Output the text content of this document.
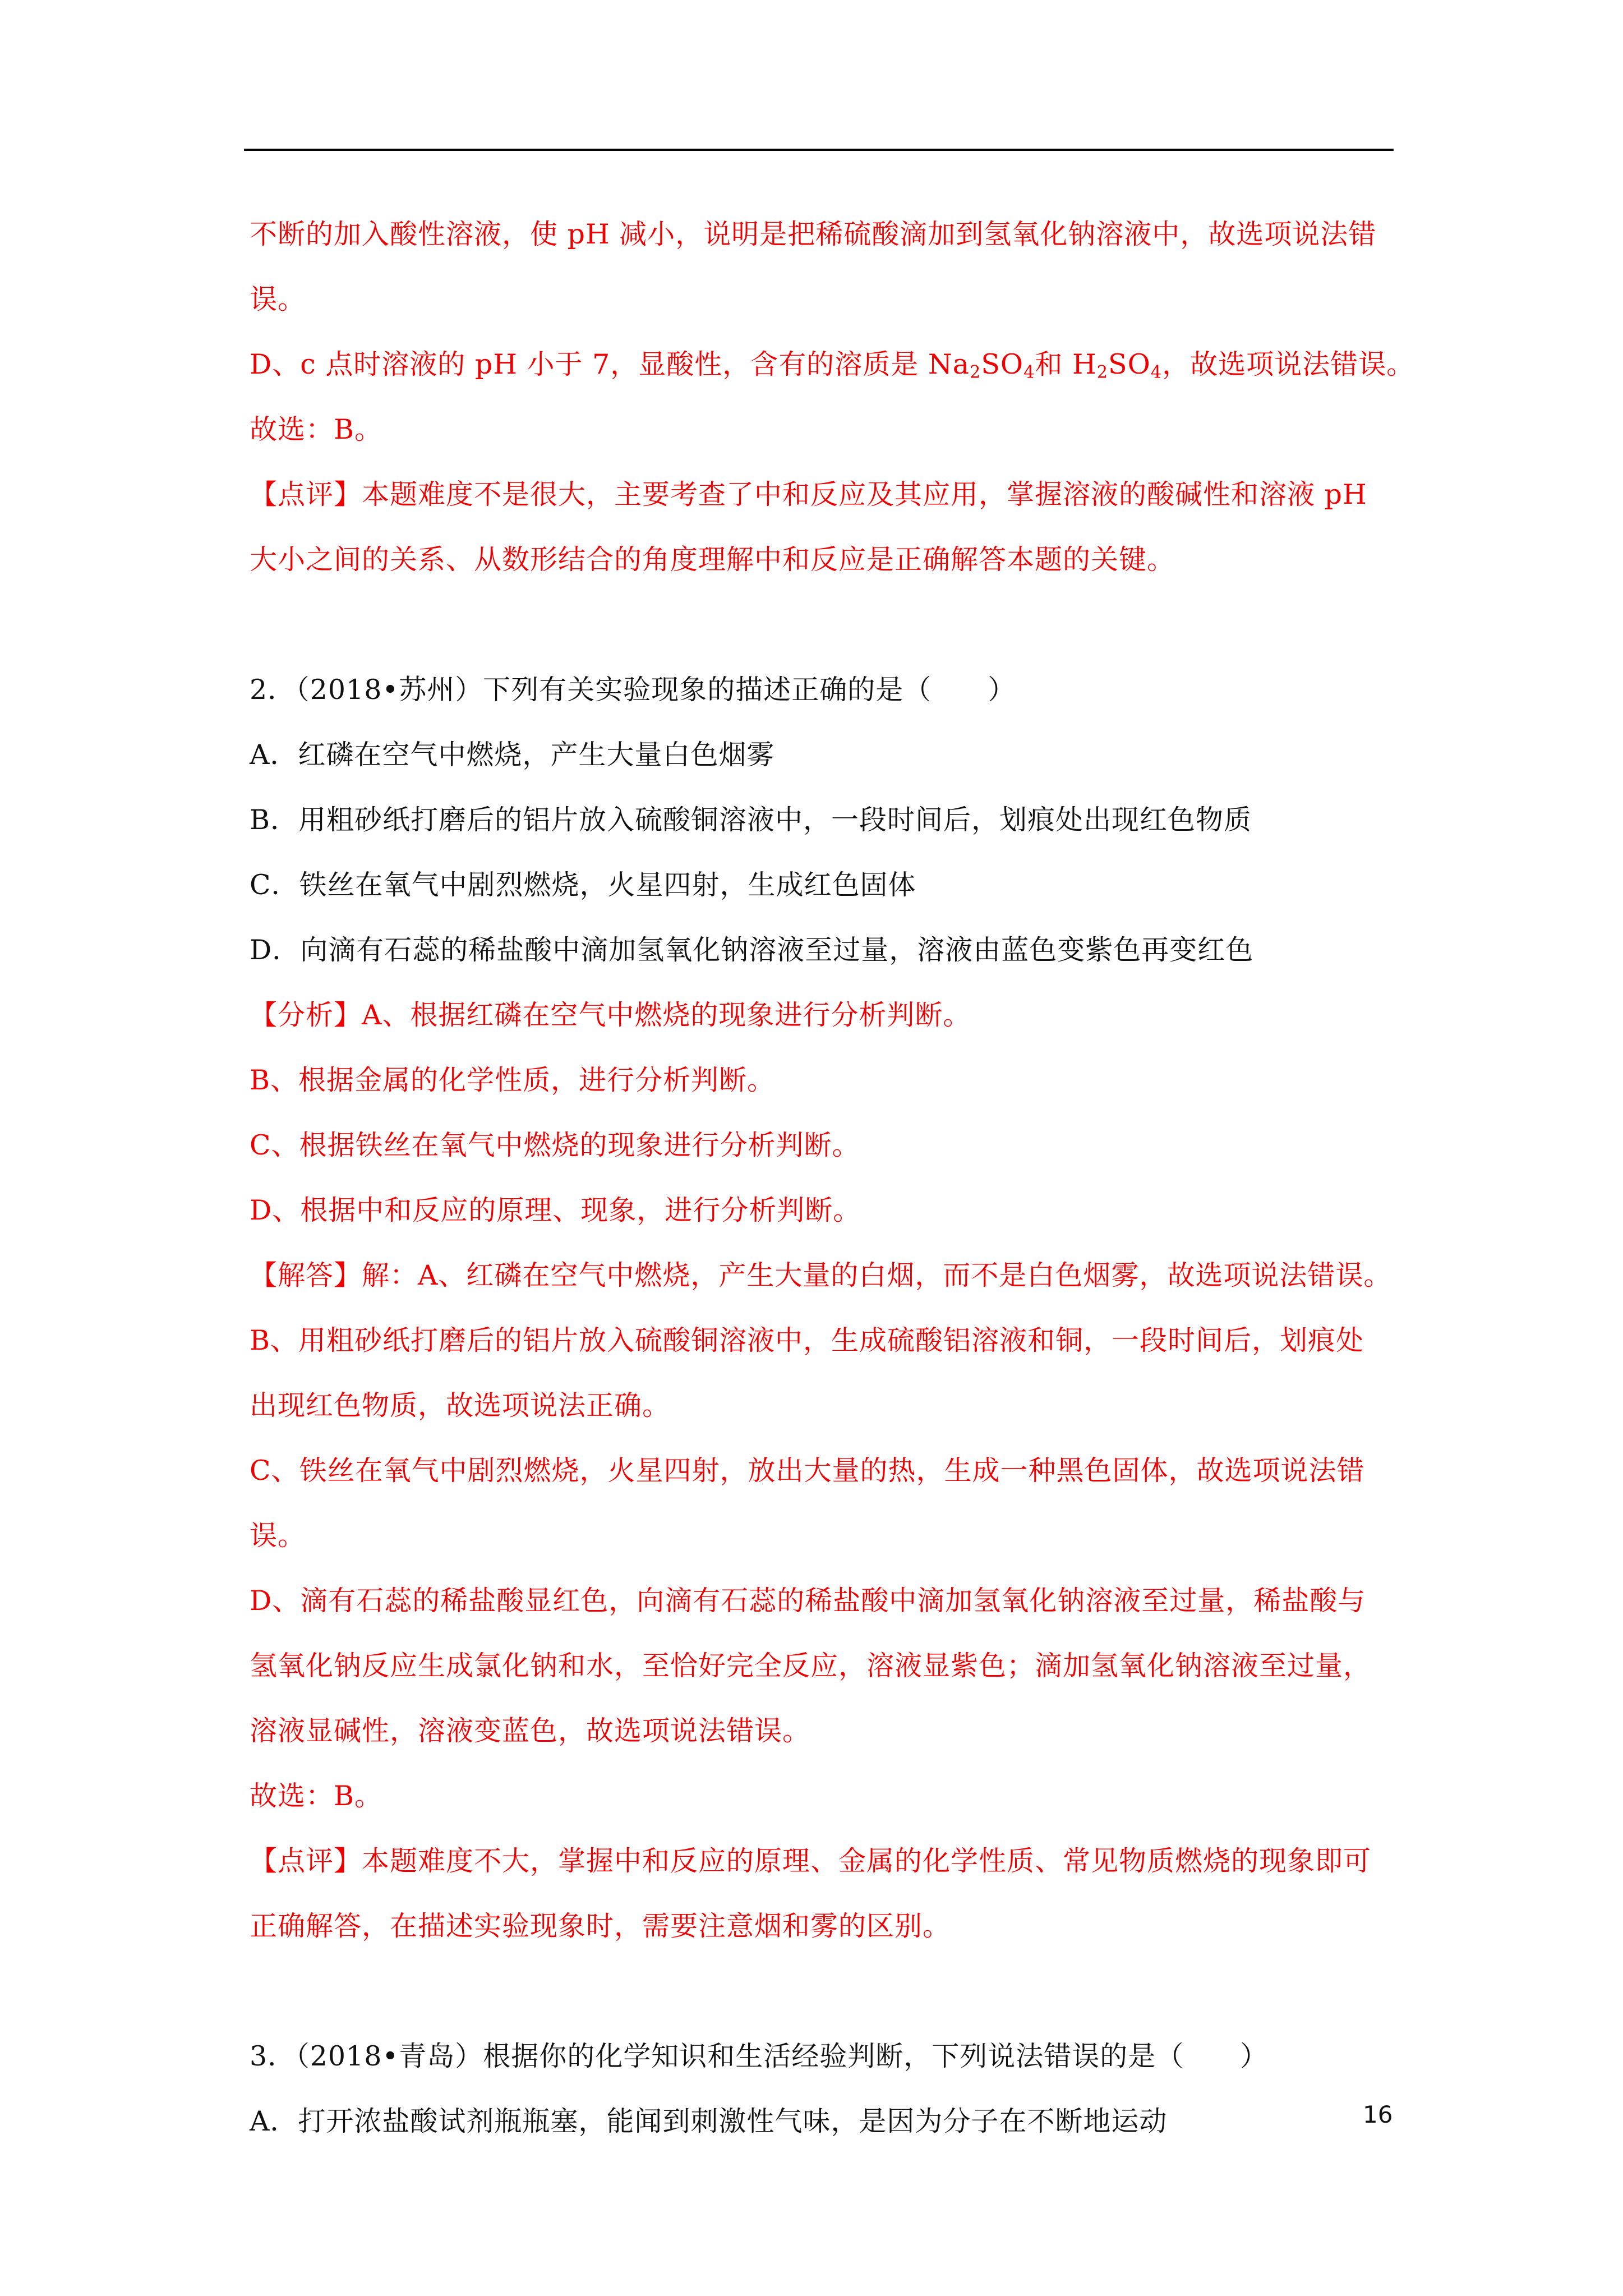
不断的加入酸性溶液，使 pH 减小，说明是把稀硫酸滴加到氢氧化钠溶液中，故选项说法错
误。
D、c 点时溶液的 pH 小于 7，显酸性，含有的溶质是 $Na_2SO_4$和 $H_2SO_4$，故选项说法错误。
故选：B。
【点评】本题难度不是很大，主要考查了中和反应及其应用，掌握溶液的酸碱性和溶液 pH
大小之间的关系、从数形结合的角度理解中和反应是正确解答本题的关键。
2．（2018•苏州）下列有关实验现象的描述正确的是（　　）
A．红磷在空气中燃烧，产生大量白色烟雾
B．用粗砂纸打磨后的铝片放入硫酸铜溶液中，一段时间后，划痕处出现红色物质
C．铁丝在氧气中剧烈燃烧，火星四射，生成红色固体
D．向滴有石蕊的稀盐酸中滴加氢氧化钠溶液至过量，溶液由蓝色变紫色再变红色
【分析】A、根据红磷在空气中燃烧的现象进行分析判断。
B、根据金属的化学性质，进行分析判断。
C、根据铁丝在氧气中燃烧的现象进行分析判断。
D、根据中和反应的原理、现象，进行分析判断。
【解答】解：A、红磷在空气中燃烧，产生大量的白烟，而不是白色烟雾，故选项说法错误。
B、用粗砂纸打磨后的铝片放入硫酸铜溶液中，生成硫酸铝溶液和铜，一段时间后，划痕处
出现红色物质，故选项说法正确。
C、铁丝在氧气中剧烈燃烧，火星四射，放出大量的热，生成一种黑色固体，故选项说法错
误。
D、滴有石蕊的稀盐酸显红色，向滴有石蕊的稀盐酸中滴加氢氧化钠溶液至过量，稀盐酸与
氢氧化钠反应生成氯化钠和水，至恰好完全反应，溶液显紫色；滴加氢氧化钠溶液至过量，
溶液显碱性，溶液变蓝色，故选项说法错误。
故选：B。
【点评】本题难度不大，掌握中和反应的原理、金属的化学性质、常见物质燃烧的现象即可
正确解答，在描述实验现象时，需要注意烟和雾的区别。
3．（2018•青岛）根据你的化学知识和生活经验判断，下列说法错误的是（　　）
A．打开浓盐酸试剂瓶瓶塞，能闻到刺激性气味，是因为分子在不断地运动	16
